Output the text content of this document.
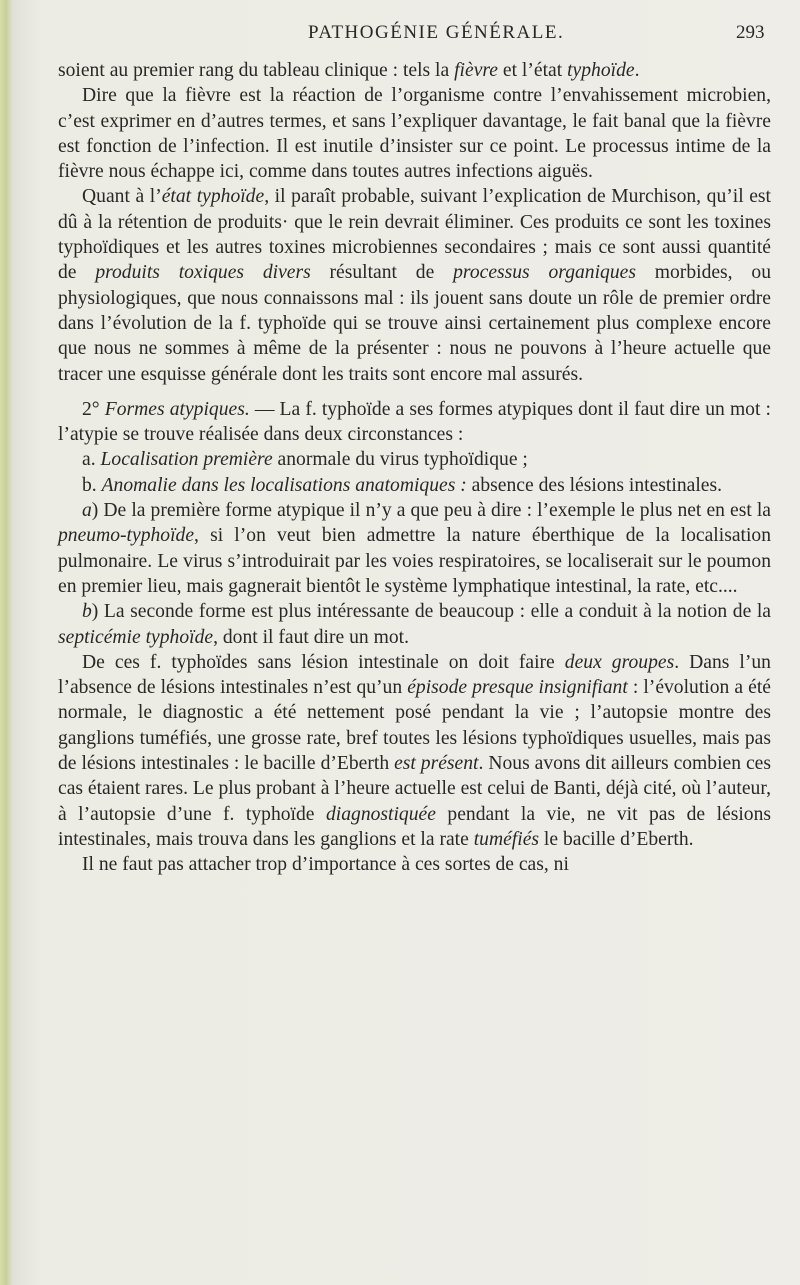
PATHOGÉNIE GÉNÉRALE.	293

soient au premier rang du tableau clinique : tels la fièvre et l’état typhoïde.

Dire que la fièvre est la réaction de l’organisme contre l’envahissement microbien, c’est exprimer en d’autres termes, et sans l’expliquer davantage, le fait banal que la fièvre est fonction de l’infection. Il est inutile d’insister sur ce point. Le processus intime de la fièvre nous échappe ici, comme dans toutes autres infections aiguës.

Quant à l’état typhoïde, il paraît probable, suivant l’explication de Murchison, qu’il est dû à la rétention de produits· que le rein devrait éliminer. Ces produits ce sont les toxines typhoïdiques et les autres toxines microbiennes secondaires ; mais ce sont aussi quantité de produits toxiques divers résultant de processus organiques morbides, ou physiologiques, que nous connaissons mal : ils jouent sans doute un rôle de premier ordre dans l’évolution de la f. typhoïde qui se trouve ainsi certainement plus complexe encore que nous ne sommes à même de la présenter : nous ne pouvons à l’heure actuelle que tracer une esquisse générale dont les traits sont encore mal assurés.

2° Formes atypiques. — La f. typhoïde a ses formes atypiques dont il faut dire un mot : l’atypie se trouve réalisée dans deux circonstances :

a. Localisation première anormale du virus typhoïdique ;

b. Anomalie dans les localisations anatomiques : absence des lésions intestinales.

a) De la première forme atypique il n’y a que peu à dire : l’exemple le plus net en est la pneumo-typhoïde, si l’on veut bien admettre la nature éberthique de la localisation pulmonaire. Le virus s’introduirait par les voies respiratoires, se localiserait sur le poumon en premier lieu, mais gagnerait bientôt le système lymphatique intestinal, la rate, etc....

b) La seconde forme est plus intéressante de beaucoup : elle a conduit à la notion de la septicémie typhoïde, dont il faut dire un mot.

De ces f. typhoïdes sans lésion intestinale on doit faire deux groupes. Dans l’un l’absence de lésions intestinales n’est qu’un épisode presque insignifiant : l’évolution a été normale, le diagnostic a été nettement posé pendant la vie ; l’autopsie montre des ganglions tuméfiés, une grosse rate, bref toutes les lésions typhoïdiques usuelles, mais pas de lésions intestinales : le bacille d’Eberth est présent. Nous avons dit ailleurs combien ces cas étaient rares. Le plus probant à l’heure actuelle est celui de Banti, déjà cité, où l’auteur, à l’autopsie d’une f. typhoïde diagnostiquée pendant la vie, ne vit pas de lésions intestinales, mais trouva dans les ganglions et la rate tuméfiés le bacille d’Eberth.

Il ne faut pas attacher trop d’importance à ces sortes de cas, ni
